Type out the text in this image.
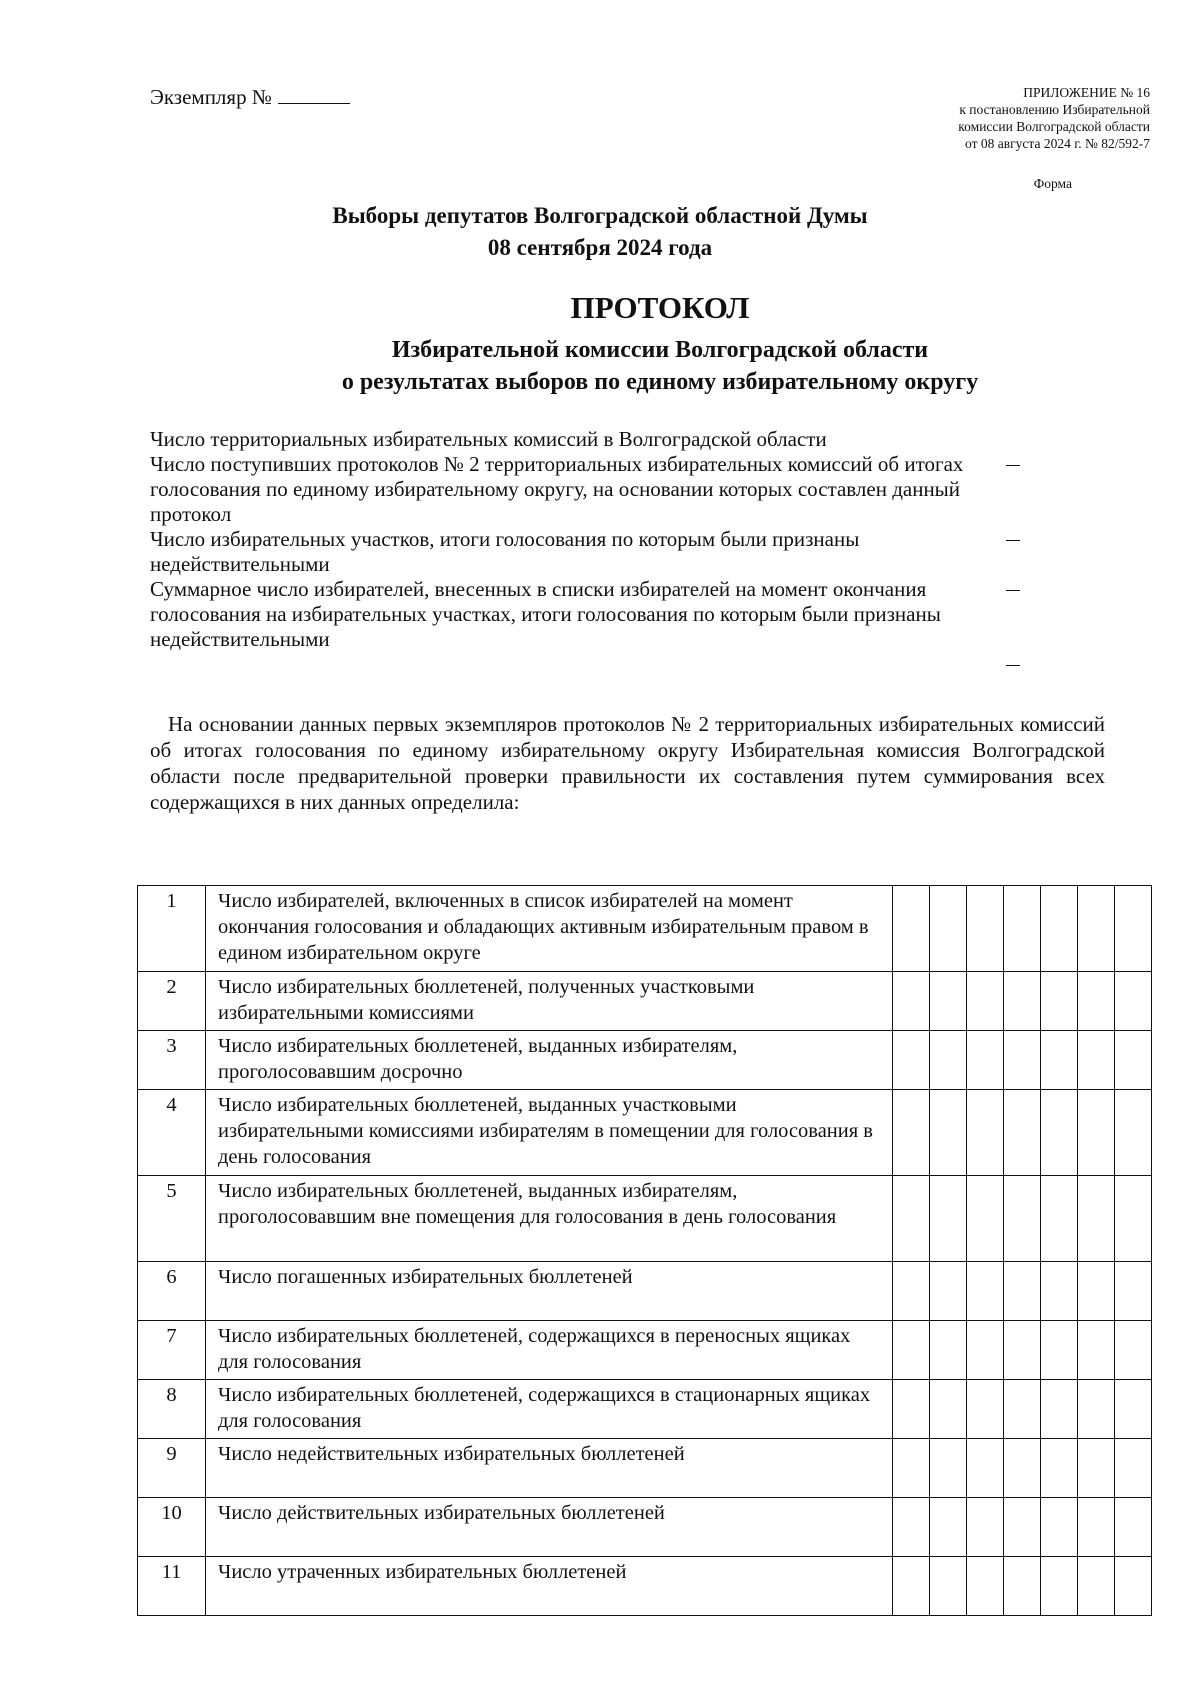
Экземпляр №	ПРИЛОЖЕНИЕ № 16
к постановлению Избирательной
комиссии Волгоградской области
от 08 августа 2024 г. № 82/592-7
Форма
Выборы депутатов Волгоградской областной Думы
08 сентября 2024 года
ПРОТОКОЛ
Избирательной комиссии Волгоградской области
о результатах выборов по единому избирательному округу
Число территориальных избирательных комиссий в Волгоградской области
Число поступивших протоколов № 2 территориальных избирательных комиссий об итогах голосования по единому избирательному округу, на основании которых составлен данный протокол
Число избирательных участков, итоги голосования по которым были признаны недействительными
Суммарное число избирателей, внесенных в списки избирателей на момент окончания голосования на избирательных участках, итоги голосования по которым были признаны недействительными
На основании данных первых экземпляров протоколов № 2 территориальных избирательных комиссий об итогах голосования по единому избирательному округу Избирательная комиссия Волгоградской области после предварительной проверки правильности их составления путем суммирования всех содержащихся в них данных определила:
1	Число избирателей, включенных в список избирателей на момент окончания голосования и обладающих активным избирательным правом в едином избирательном округе							
2	Число избирательных бюллетеней, полученных участковыми избирательными комиссиями							
3	Число избирательных бюллетеней, выданных избирателям, проголосовавшим досрочно							
4	Число избирательных бюллетеней, выданных участковыми избирательными комиссиями избирателям в помещении для голосования в день голосования							
5	Число избирательных бюллетеней, выданных избирателям, проголосовавшим вне помещения для голосования в день голосования							
6	Число погашенных избирательных бюллетеней							
7	Число избирательных бюллетеней, содержащихся в переносных ящиках для голосования							
8	Число избирательных бюллетеней, содержащихся в стационарных ящиках для голосования							
9	Число недействительных избирательных бюллетеней							
10	Число действительных избирательных бюллетеней							
11	Число утраченных избирательных бюллетеней							
